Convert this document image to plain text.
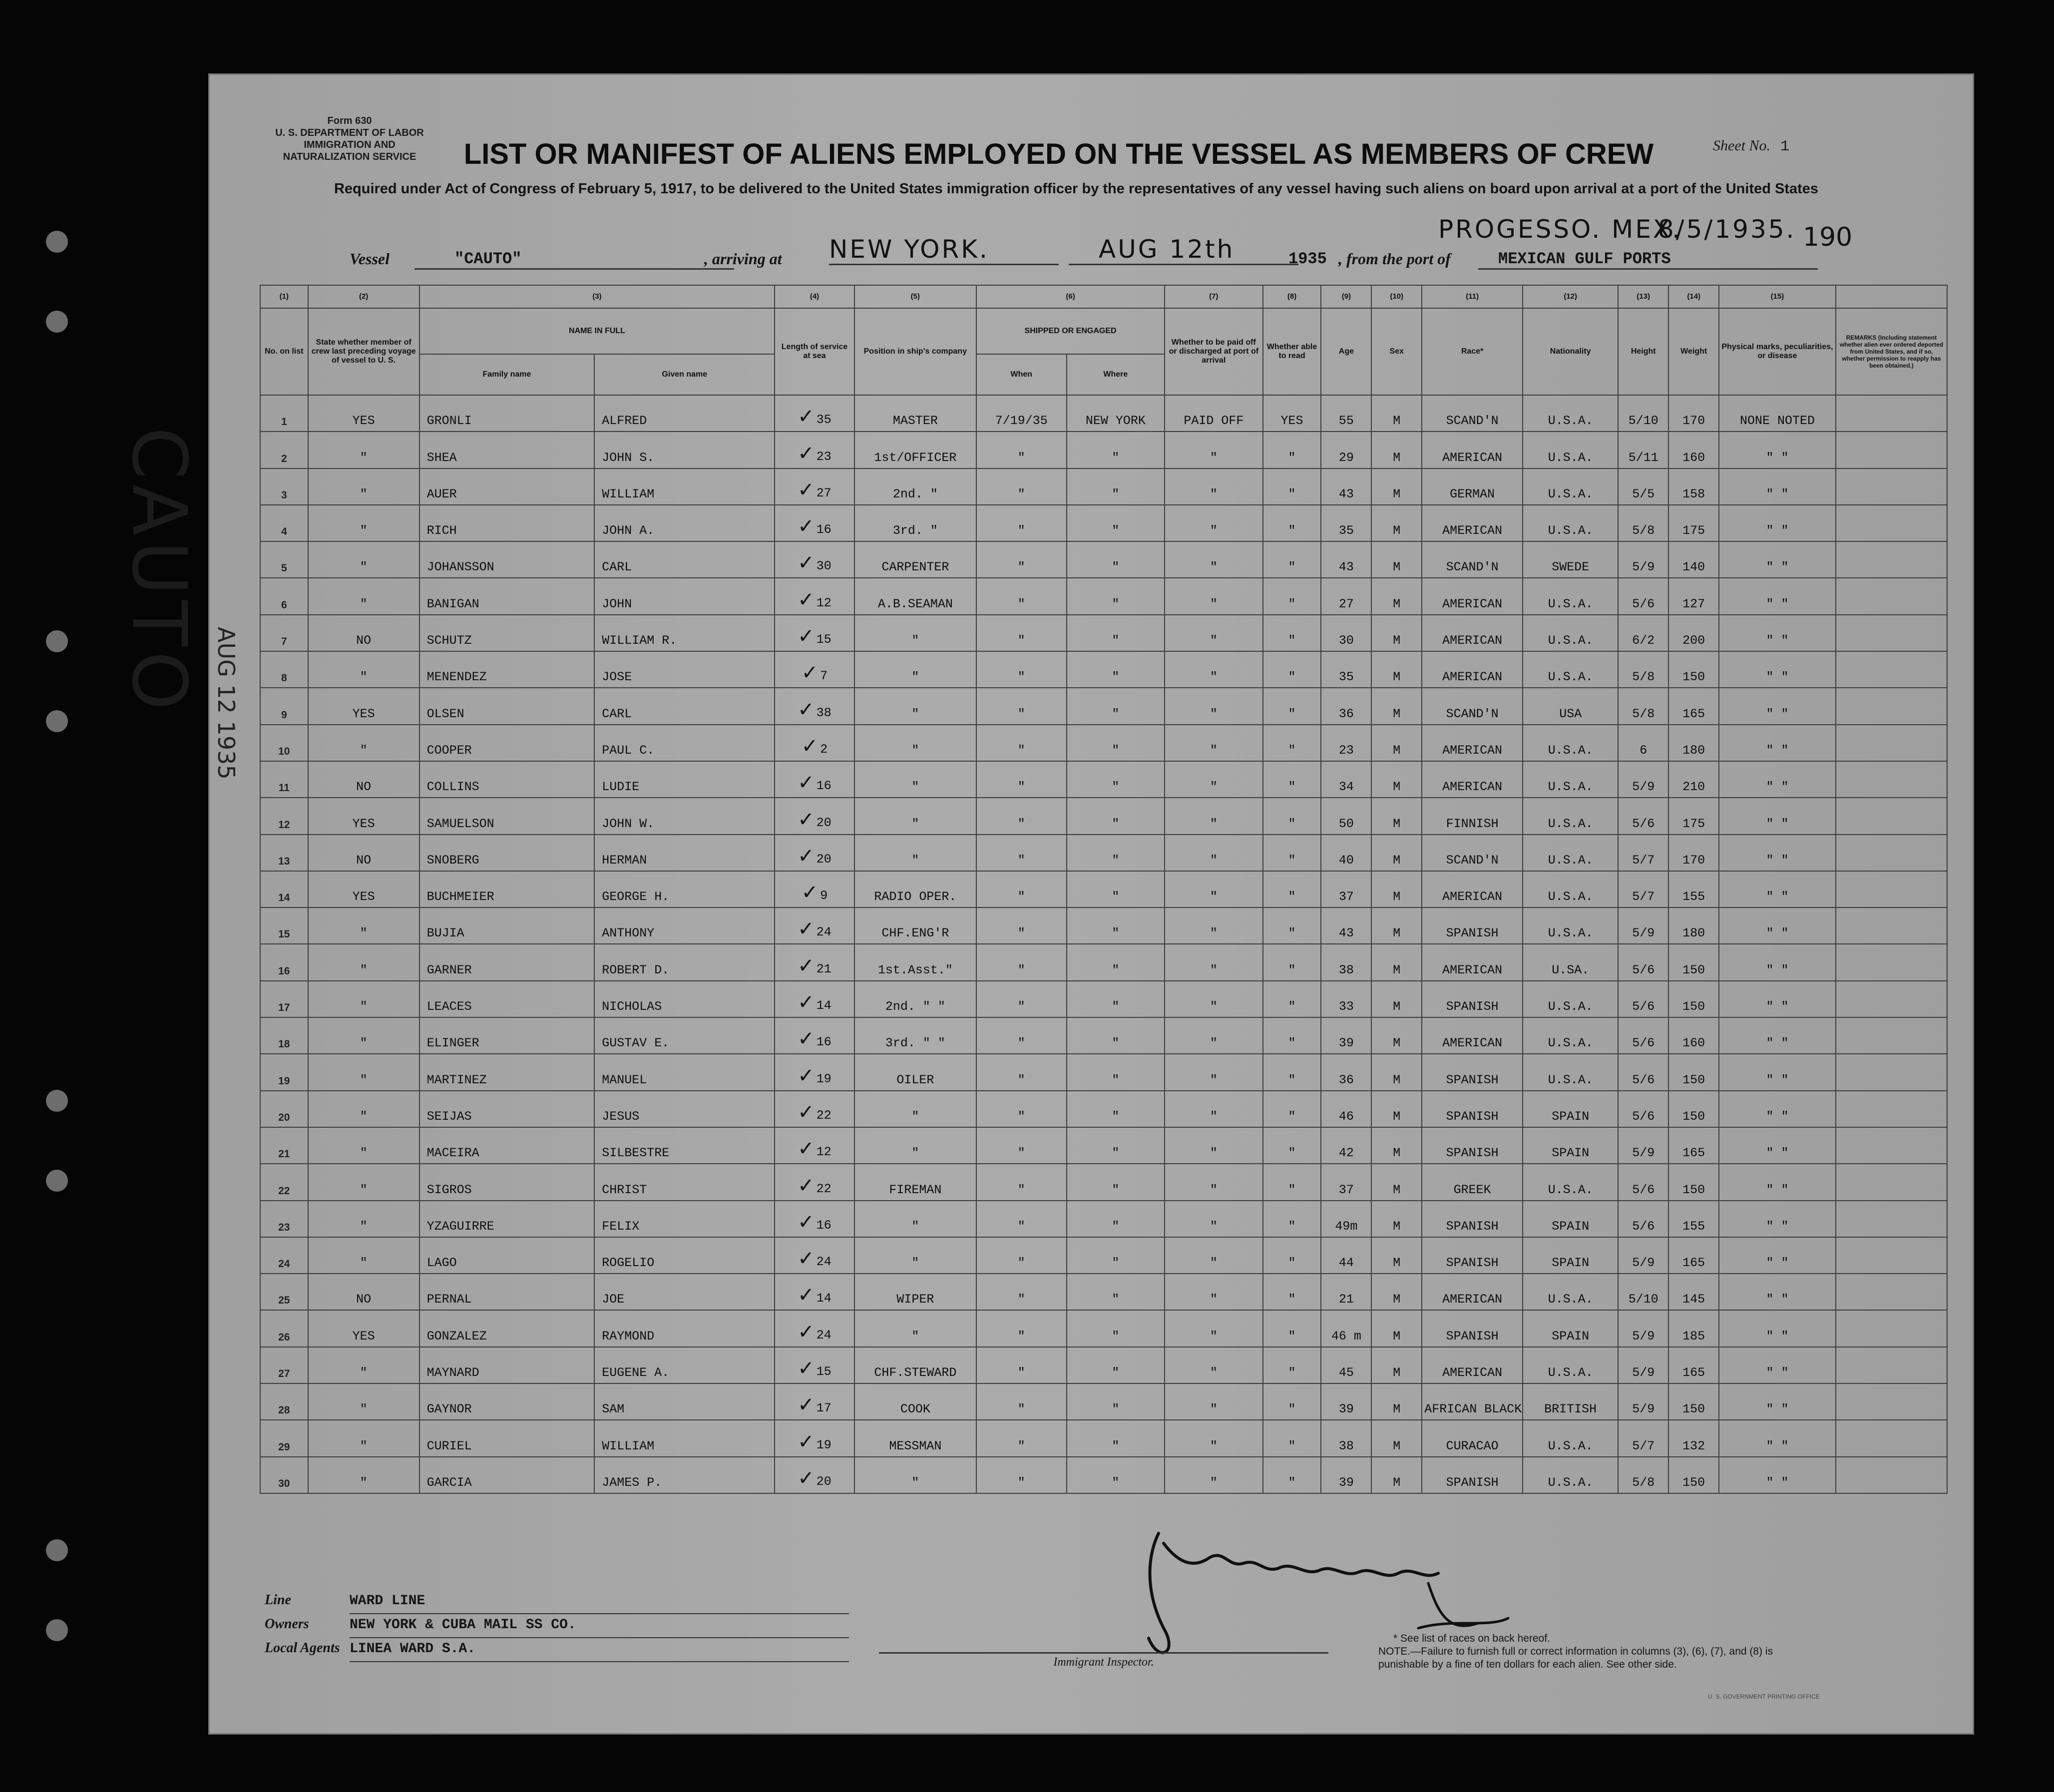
CAUTO AUG 12 1935
Form 630
U. S. DEPARTMENT OF LABOR
IMMIGRATION AND NATURALIZATION SERVICE	LIST OR MANIFEST OF ALIENS EMPLOYED ON THE VESSEL AS MEMBERS OF CREW	Sheet No. 1
Required under Act of Congress of February 5, 1917, to be delivered to the United States immigration officer by the representatives of any vessel having such aliens on board upon arrival at a port of the United States
190
Vessel	"CAUTO"	, arriving at NEW YORK.	AUG 12th	1935 , from the port of	MEXICAN GULF PORTS
PROGESSO. MEX.
8/5/1935.
(1)	(2)	(3)		(4)	(5)	(6)		(7)	(8)	(9)	(10)	(11)	(12)	(13)	(14)	(15)	
No. on list	State whether member of crew last preceding voyage of vessel to U. S.	NAME IN FULL		Length of service at sea	Position in ship's company	SHIPPED OR ENGAGED		Whether to be paid off or discharged at port of arrival	Whether able to read	Age	Sex	Race*	Nationality	Height	Weight	Physical marks, peculiarities, or disease	REMARKS (Including statement whether alien ever ordered deported from United States, and if so, whether permission to reapply has been obtained.)
		Family name	Given name			When	Where										
1	YES	GRONLI	ALFRED	✓ 35	MASTER	7/19/35	NEW YORK	PAID OFF	YES	55	M	SCAND'N	U.S.A.	5/10	170	NONE NOTED	
2	"	SHEA	JOHN S.	✓ 23	1st/OFFICER	"	"	"	"	29	M	AMERICAN	U.S.A.	5/11	160	" "	
3	"	AUER	WILLIAM	✓ 27	2nd. "	"	"	"	"	43	M	GERMAN	U.S.A.	5/5	158	" "	
4	"	RICH	JOHN A.	✓ 16	3rd. "	"	"	"	"	35	M	AMERICAN	U.S.A.	5/8	175	" "	
5	"	JOHANSSON	CARL	✓ 30	CARPENTER	"	"	"	"	43	M	SCAND'N	SWEDE	5/9	140	" "	
6	"	BANIGAN	JOHN	✓ 12	A.B.SEAMAN	"	"	"	"	27	M	AMERICAN	U.S.A.	5/6	127	" "	
7	NO	SCHUTZ	WILLIAM R.	✓ 15	"	"	"	"	"	30	M	AMERICAN	U.S.A.	6/2	200	" "	
8	"	MENENDEZ	JOSE	✓ 7	"	"	"	"	"	35	M	AMERICAN	U.S.A.	5/8	150	" "	
9	YES	OLSEN	CARL	✓ 38	"	"	"	"	"	36	M	SCAND'N	USA	5/8	165	" "	
10	"	COOPER	PAUL C.	✓ 2	"	"	"	"	"	23	M	AMERICAN	U.S.A.	6	180	" "	
11	NO	COLLINS	LUDIE	✓ 16	"	"	"	"	"	34	M	AMERICAN	U.S.A.	5/9	210	" "	
12	YES	SAMUELSON	JOHN W.	✓ 20	"	"	"	"	"	50	M	FINNISH	U.S.A.	5/6	175	" "	
13	NO	SNOBERG	HERMAN	✓ 20	"	"	"	"	"	40	M	SCAND'N	U.S.A.	5/7	170	" "	
14	YES	BUCHMEIER	GEORGE H.	✓ 9	RADIO OPER.	"	"	"	"	37	M	AMERICAN	U.S.A.	5/7	155	" "	
15	"	BUJIA	ANTHONY	✓ 24	CHF.ENG'R	"	"	"	"	43	M	SPANISH	U.S.A.	5/9	180	" "	
16	"	GARNER	ROBERT D.	✓ 21	1st.Asst."	"	"	"	"	38	M	AMERICAN	U.SA.	5/6	150	" "	
17	"	LEACES	NICHOLAS	✓ 14	2nd. " "	"	"	"	"	33	M	SPANISH	U.S.A.	5/6	150	" "	
18	"	ELINGER	GUSTAV E.	✓ 16	3rd. " "	"	"	"	"	39	M	AMERICAN	U.S.A.	5/6	160	" "	
19	"	MARTINEZ	MANUEL	✓ 19	OILER	"	"	"	"	36	M	SPANISH	U.S.A.	5/6	150	" "	
20	"	SEIJAS	JESUS	✓ 22	"	"	"	"	"	46	M	SPANISH	SPAIN	5/6	150	" "	
21	"	MACEIRA	SILBESTRE	✓ 12	"	"	"	"	"	42	M	SPANISH	SPAIN	5/9	165	" "	
22	"	SIGROS	CHRIST	✓ 22	FIREMAN	"	"	"	"	37	M	GREEK	U.S.A.	5/6	150	" "	
23	"	YZAGUIRRE	FELIX	✓ 16	"	"	"	"	"	49m	M	SPANISH	SPAIN	5/6	155	" "	
24	"	LAGO	ROGELIO	✓ 24	"	"	"	"	"	44	M	SPANISH	SPAIN	5/9	165	" "	
25	NO	PERNAL	JOE	✓ 14	WIPER	"	"	"	"	21	M	AMERICAN	U.S.A.	5/10	145	" "	
26	YES	GONZALEZ	RAYMOND	✓ 24	"	"	"	"	"	46 m	M	SPANISH	SPAIN	5/9	185	" "	
27	"	MAYNARD	EUGENE A.	✓ 15	CHF.STEWARD	"	"	"	"	45	M	AMERICAN	U.S.A.	5/9	165	" "	
28	"	GAYNOR	SAM	✓ 17	COOK	"	"	"	"	39	M	AFRICAN BLACK	BRITISH	5/9	150	" "	
29	"	CURIEL	WILLIAM	✓ 19	MESSMAN	"	"	"	"	38	M	CURACAO	U.S.A.	5/7	132	" "	
30	"	GARCIA	JAMES P.	✓ 20	"	"	"	"	"	39	M	SPANISH	U.S.A.	5/8	150	" "	
Line	WARD LINE
Owners	NEW YORK & CUBA MAIL SS CO.
Local Agents LINEA WARD S.A.
Immigrant Inspector.
* See list of races on back hereof.
NOTE.—Failure to furnish full or correct information in columns (3), (6), (7), and (8) is punishable by a fine of ten dollars for each alien. See other side.
U. S. GOVERNMENT PRINTING OFFICE
